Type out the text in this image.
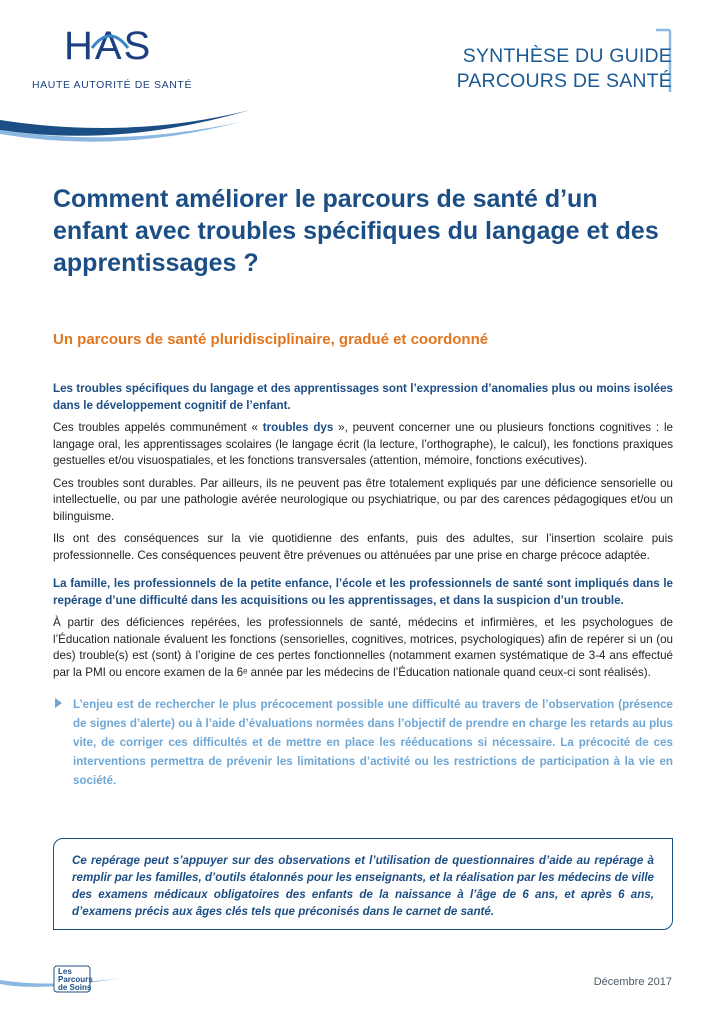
HAS
HAUTE AUTORITÉ DE SANTÉ
SYNTHÈSE DU GUIDE
PARCOURS DE SANTÉ
Comment améliorer le parcours de santé d’un enfant avec troubles spécifiques du langage et des apprentissages ?
Un parcours de santé pluridisciplinaire, gradué et coordonné

Les troubles spécifiques du langage et des apprentissages sont l’expression d’anomalies plus ou moins isolées dans le développement cognitif de l’enfant.

Ces troubles appelés communément « troubles dys », peuvent concerner une ou plusieurs fonctions cognitives : le langage oral, les apprentissages scolaires (le langage écrit (la lecture, l’orthographe), le calcul), les fonctions praxiques gestuelles et/ou visuospatiales, et les fonctions transversales (attention, mémoire, fonctions exécutives).

Ces troubles sont durables. Par ailleurs, ils ne peuvent pas être totalement expliqués par une déficience sensorielle ou intellectuelle, ou par une pathologie avérée neurologique ou psychiatrique, ou par des carences pédagogiques et/ou un bilinguisme.

Ils ont des conséquences sur la vie quotidienne des enfants, puis des adultes, sur l’insertion scolaire puis professionnelle. Ces conséquences peuvent être prévenues ou atténuées par une prise en charge précoce adaptée.

La famille, les professionnels de la petite enfance, l’école et les professionnels de santé sont impliqués dans le repérage d’une difficulté dans les acquisitions ou les apprentissages, et dans la suspicion d’un trouble.

À partir des déficiences repérées, les professionnels de santé, médecins et infirmières, et les psychologues de l’Éducation nationale évaluent les fonctions (sensorielles, cognitives, motrices, psychologiques) afin de repérer si un (ou des) trouble(s) est (sont) à l’origine de ces pertes fonctionnelles (notamment examen systématique de 3-4 ans effectué par la PMI ou encore examen de la 6ᵉ année par les médecins de l’Éducation nationale quand ceux-ci sont réalisés).

L’enjeu est de rechercher le plus précocement possible une difficulté au travers de l’observation (présence de signes d’alerte) ou à l’aide d’évaluations normées dans l’objectif de prendre en charge les retards au plus vite, de corriger ces difficultés et de mettre en place les rééducations si nécessaire. La précocité de ces interventions permettra de prévenir les limitations d’activité ou les restrictions de participation à la vie en société.

Ce repérage peut s’appuyer sur des observations et l’utilisation de questionnaires d’aide au repérage à remplir par les familles, d’outils étalonnés pour les enseignants, et la réalisation par les médecins de ville des examens médicaux obligatoires des enfants de la naissance à l’âge de 6 ans, et après 6 ans, d’examens précis aux âges clés tels que préconisés dans le carnet de santé.

Les
Parcours
de Soins	Décembre 2017
